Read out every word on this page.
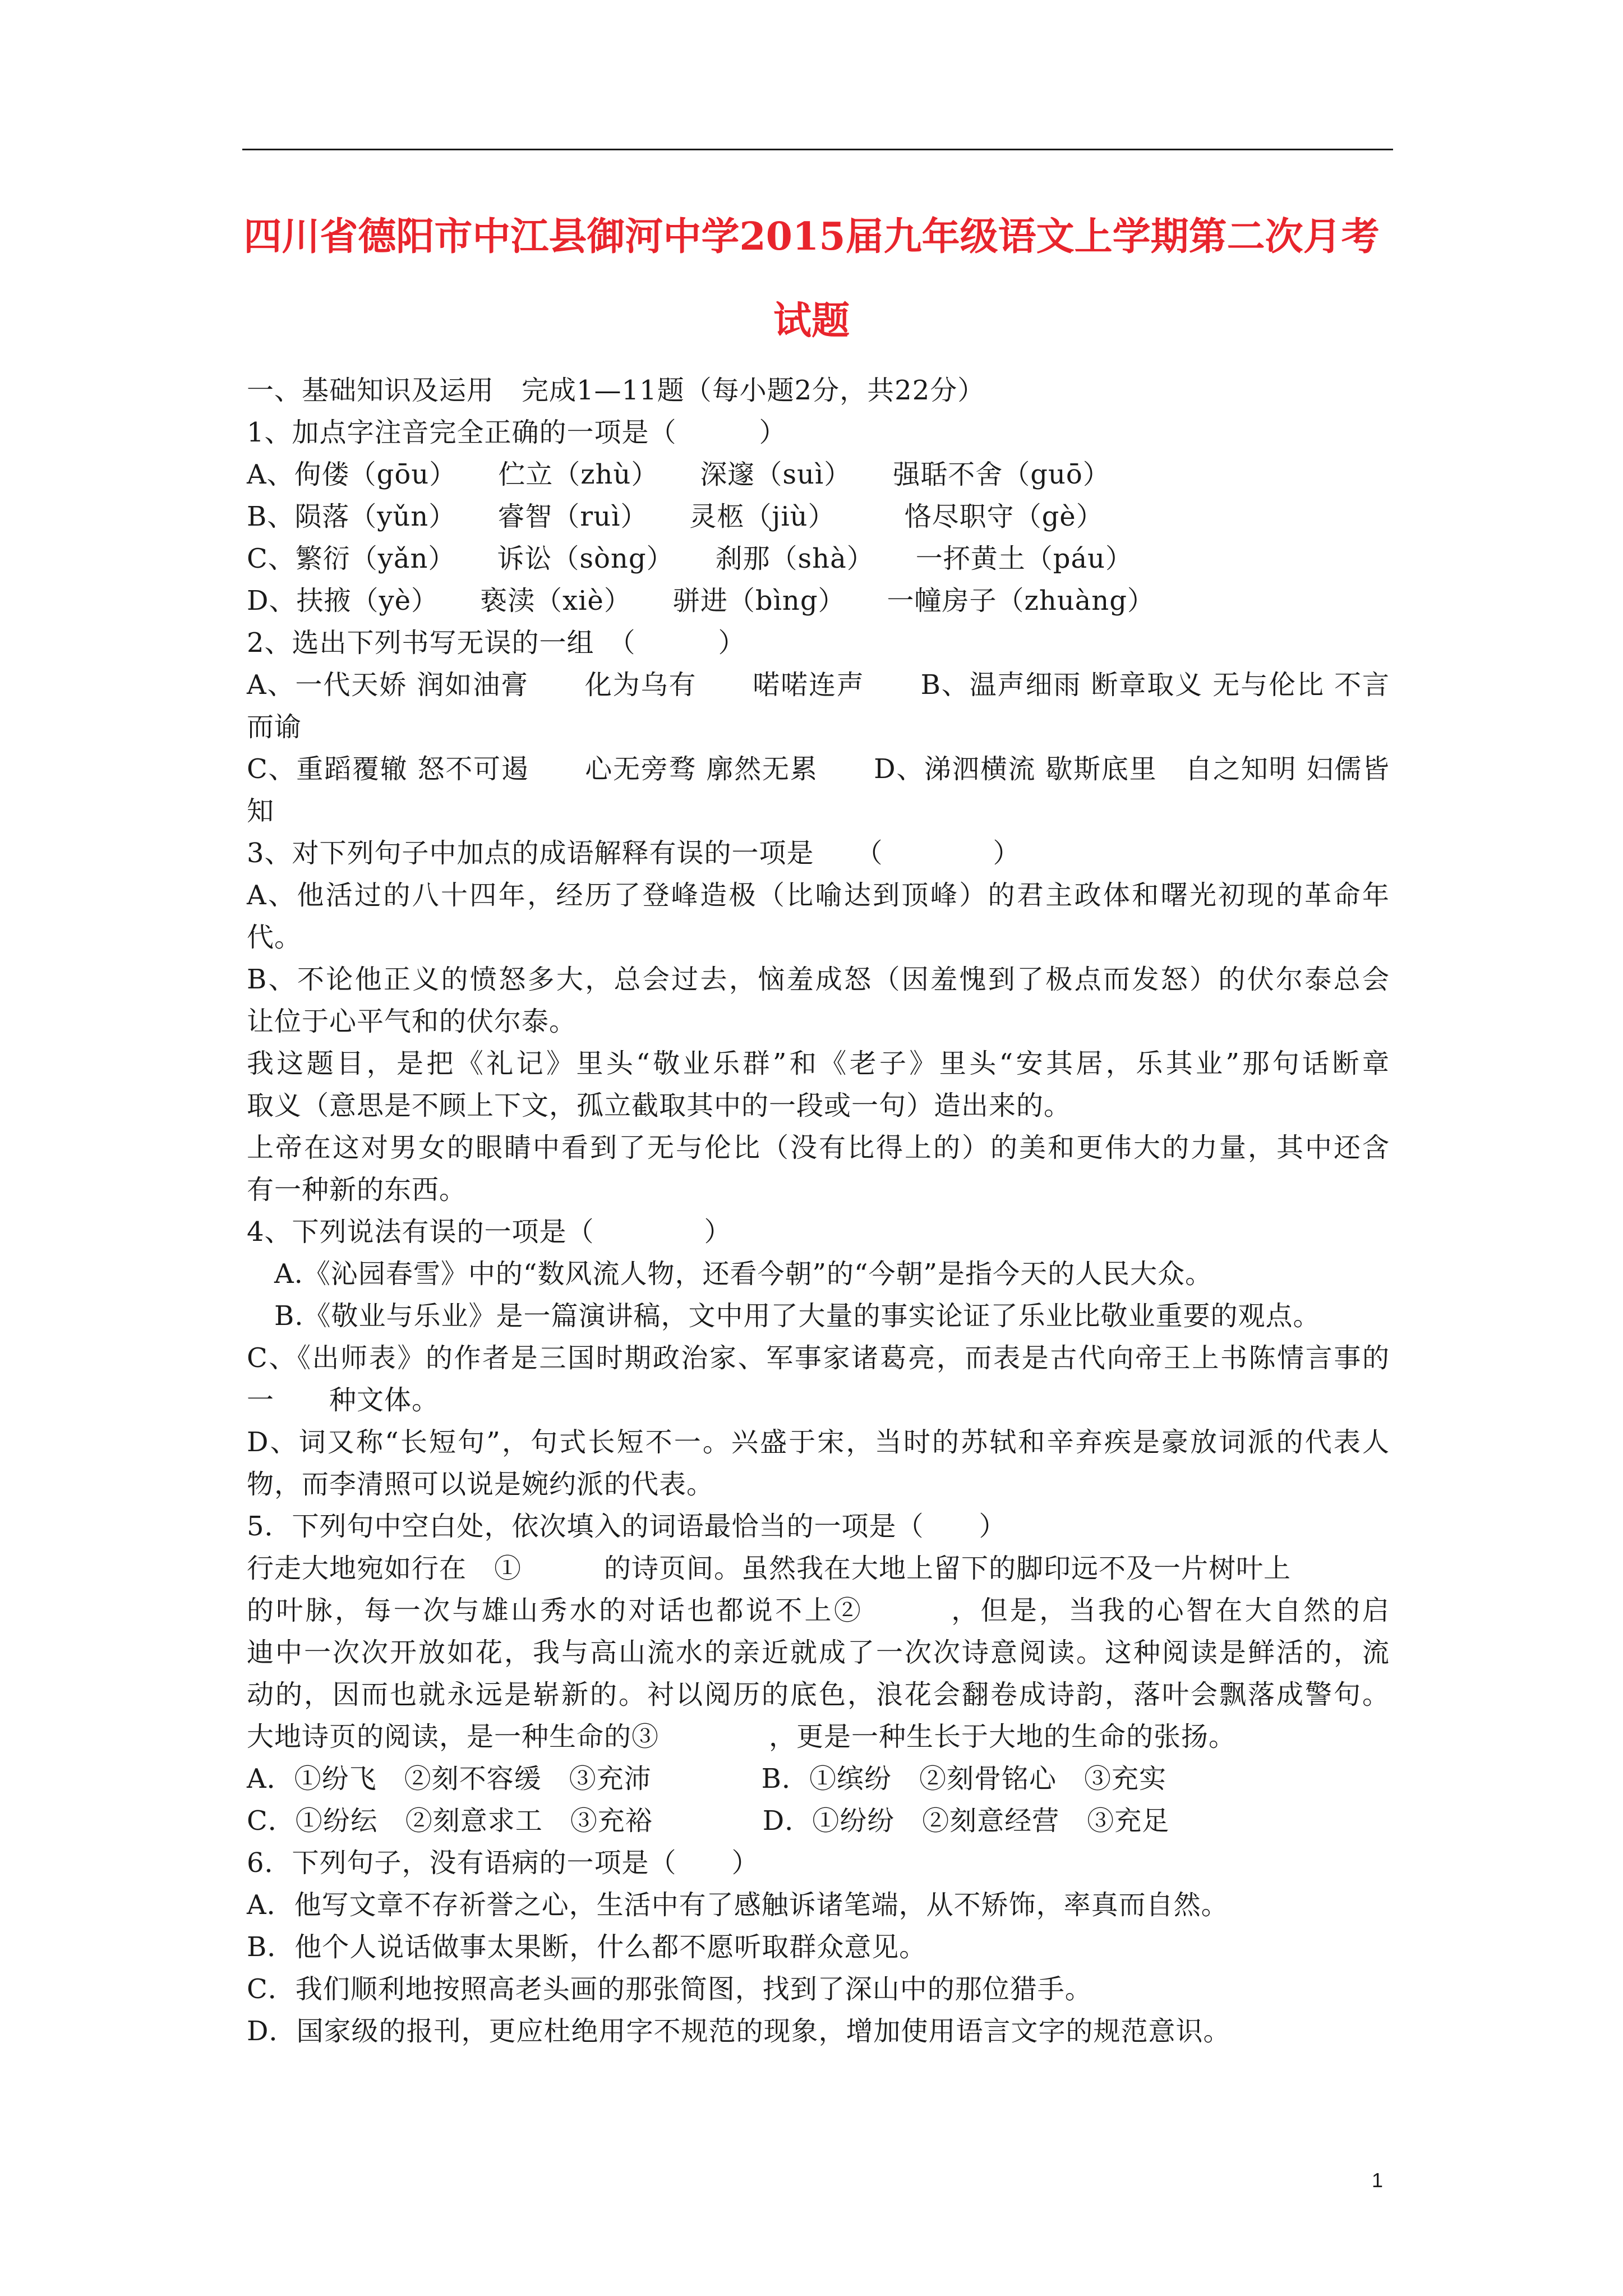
四川省德阳市中江县御河中学2015届九年级语文上学期第二次月考
试题
一、基础知识及运用　完成1—11题（每小题2分，共22分）
1、加点字注音完全正确的一项是（　　　）
A、佝偻（gōu）　　伫立（zhù）　　深邃（suì）　　强聒不舍（guō）
B、陨落（yǔn）　　睿智（ruì）　　灵柩（jiù）　　　恪尽职守（gè）
C、繁衍（yǎn）　　诉讼（sòng）　　刹那（shà）　　一抔黄土（páu）
D、扶掖（yè）　　亵渎（xiè）　　骈进（bìng）　　一幢房子（zhuàng）
2、选出下列书写无误的一组　（　　　）
A、一代天娇 润如油膏　　化为乌有　　喏喏连声　　B、温声细雨 断章取义 无与伦比 不言
而谕
C、重蹈覆辙 怒不可遏　　心无旁骛 廓然无累　　D、涕泗横流 歇斯底里　自之知明 妇儒皆
知
3、对下列句子中加点的成语解释有误的一项是　　（　　　　）
A、他活过的八十四年，经历了登峰造极（比喻达到顶峰）的君主政体和曙光初现的革命年
代。
B、不论他正义的愤怒多大，总会过去，恼羞成怒（因羞愧到了极点而发怒）的伏尔泰总会
让位于心平气和的伏尔泰。
我这题目，是把《礼记》里头“敬业乐群”和《老子》里头“安其居，乐其业”那句话断章
取义（意思是不顾上下文，孤立截取其中的一段或一句）造出来的。
上帝在这对男女的眼睛中看到了无与伦比（没有比得上的）的美和更伟大的力量，其中还含
有一种新的东西。
4、下列说法有误的一项是（　　　　）
　A.《沁园春雪》中的“数风流人物，还看今朝”的“今朝”是指今天的人民大众。
　B.《敬业与乐业》是一篇演讲稿，文中用了大量的事实论证了乐业比敬业重要的观点。
C、《出师表》的作者是三国时期政治家、军事家诸葛亮，而表是古代向帝王上书陈情言事的
一　　种文体。
D、词又称“长短句”，句式长短不一。兴盛于宋，当时的苏轼和辛弃疾是豪放词派的代表人
物，而李清照可以说是婉约派的代表。
5．下列句中空白处，依次填入的词语最恰当的一项是（　　）
行走大地宛如行在　①　　　的诗页间。虽然我在大地上留下的脚印远不及一片树叶上
的叶脉，每一次与雄山秀水的对话也都说不上②　　　，但是，当我的心智在大自然的启
迪中一次次开放如花，我与高山流水的亲近就成了一次次诗意阅读。这种阅读是鲜活的，流
动的，因而也就永远是崭新的。衬以阅历的底色，浪花会翻卷成诗韵，落叶会飘落成警句。
大地诗页的阅读，是一种生命的③　　　　，更是一种生长于大地的生命的张扬。
A．①纷飞　②刻不容缓　③充沛　　　　B．①缤纷　②刻骨铭心　③充实
C．①纷纭　②刻意求工　③充裕　　　　D．①纷纷　②刻意经营　③充足
6．下列句子，没有语病的一项是（　　）
A．他写文章不存祈誉之心，生活中有了感触诉诸笔端，从不矫饰，率真而自然。
B．他个人说话做事太果断，什么都不愿听取群众意见。
C．我们顺利地按照高老头画的那张简图，找到了深山中的那位猎手。
D．国家级的报刊，更应杜绝用字不规范的现象，增加使用语言文字的规范意识。
1
